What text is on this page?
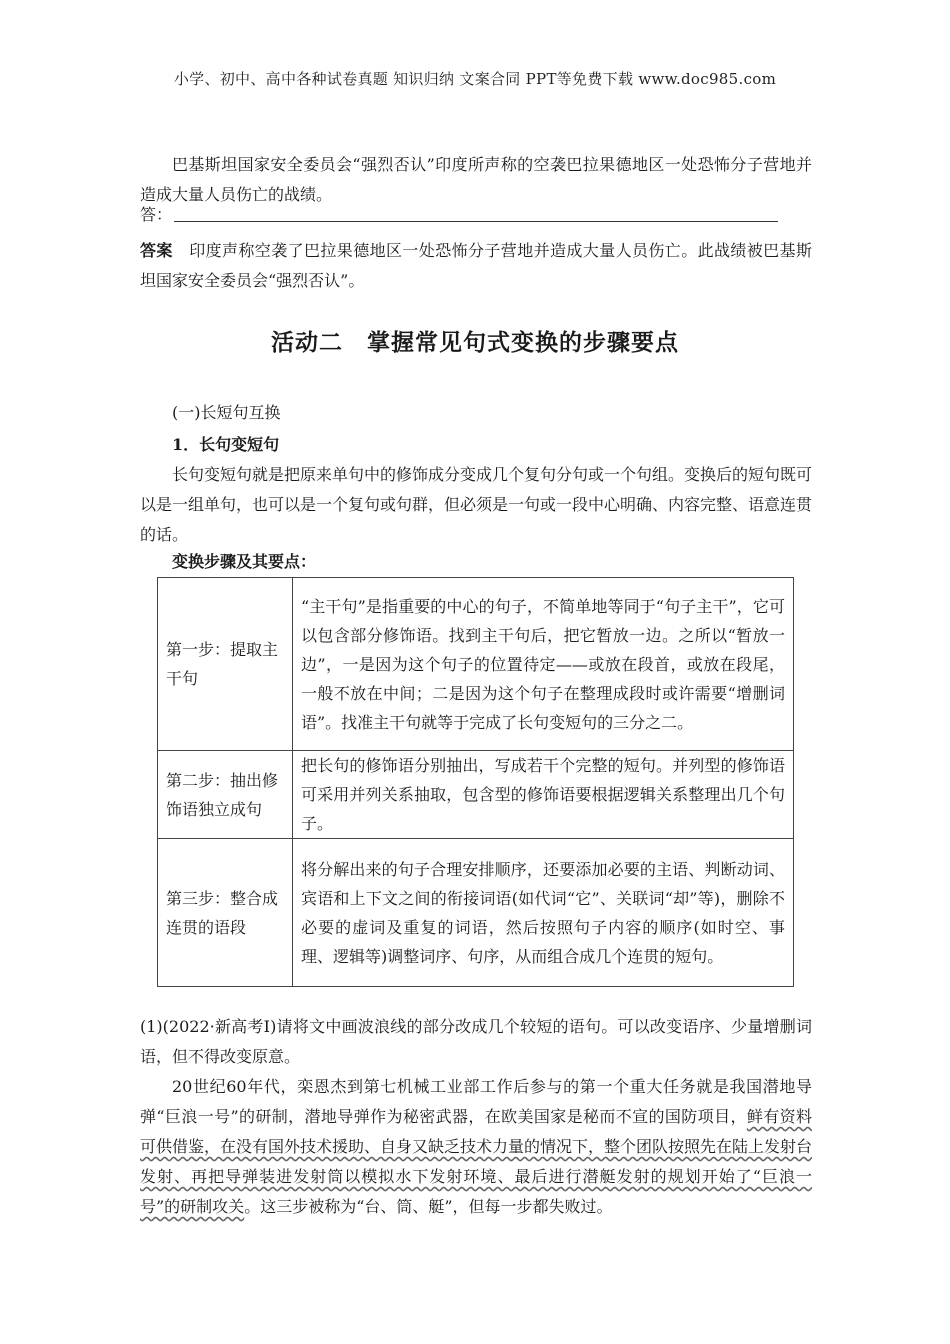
小学、初中、高中各种试卷真题 知识归纳 文案合同 PPT等免费下载 www.doc985.com
巴基斯坦国家安全委员会“强烈否认”印度所声称的空袭巴拉果德地区一处恐怖分子营地并造成大量人员伤亡的战绩。
答：
答案　印度声称空袭了巴拉果德地区一处恐怖分子营地并造成大量人员伤亡。此战绩被巴基斯坦国家安全委员会“强烈否认”。
活动二　掌握常见句式变换的步骤要点
(一)长短句互换
1．长句变短句
长句变短句就是把原来单句中的修饰成分变成几个复句分句或一个句组。变换后的短句既可以是一组单句，也可以是一个复句或句群，但必须是一句或一段中心明确、内容完整、语意连贯的话。
变换步骤及其要点：
第一步：提取主干句	“主干句”是指重要的中心的句子，不简单地等同于“句子主干”，它可以包含部分修饰语。找到主干句后，把它暂放一边。之所以“暂放一边”，一是因为这个句子的位置待定——或放在段首，或放在段尾，一般不放在中间；二是因为这个句子在整理成段时或许需要“增删词语”。找准主干句就等于完成了长句变短句的三分之二。
第二步：抽出修饰语独立成句	把长句的修饰语分别抽出，写成若干个完整的短句。并列型的修饰语可采用并列关系抽取，包含型的修饰语要根据逻辑关系整理出几个句子。
第三步：整合成连贯的语段	将分解出来的句子合理安排顺序，还要添加必要的主语、判断动词、宾语和上下文之间的衔接词语(如代词“它”、关联词“却”等)，删除不必要的虚词及重复的词语，然后按照句子内容的顺序(如时空、事理、逻辑等)调整词序、句序，从而组合成几个连贯的短句。
(1)(2022·新高考Ⅰ)请将文中画波浪线的部分改成几个较短的语句。可以改变语序、少量增删词语，但不得改变原意。
20世纪60年代，栾恩杰到第七机械工业部工作后参与的第一个重大任务就是我国潜地导弹“巨浪一号”的研制，潜地导弹作为秘密武器，在欧美国家是秘而不宣的国防项目，鲜有资料可供借鉴，在没有国外技术援助、自身又缺乏技术力量的情况下，整个团队按照先在陆上发射台发射、再把导弹装进发射筒以模拟水下发射环境、最后进行潜艇发射的规划开始了“巨浪一号”的研制攻关。这三步被称为“台、筒、艇”，但每一步都失败过。
